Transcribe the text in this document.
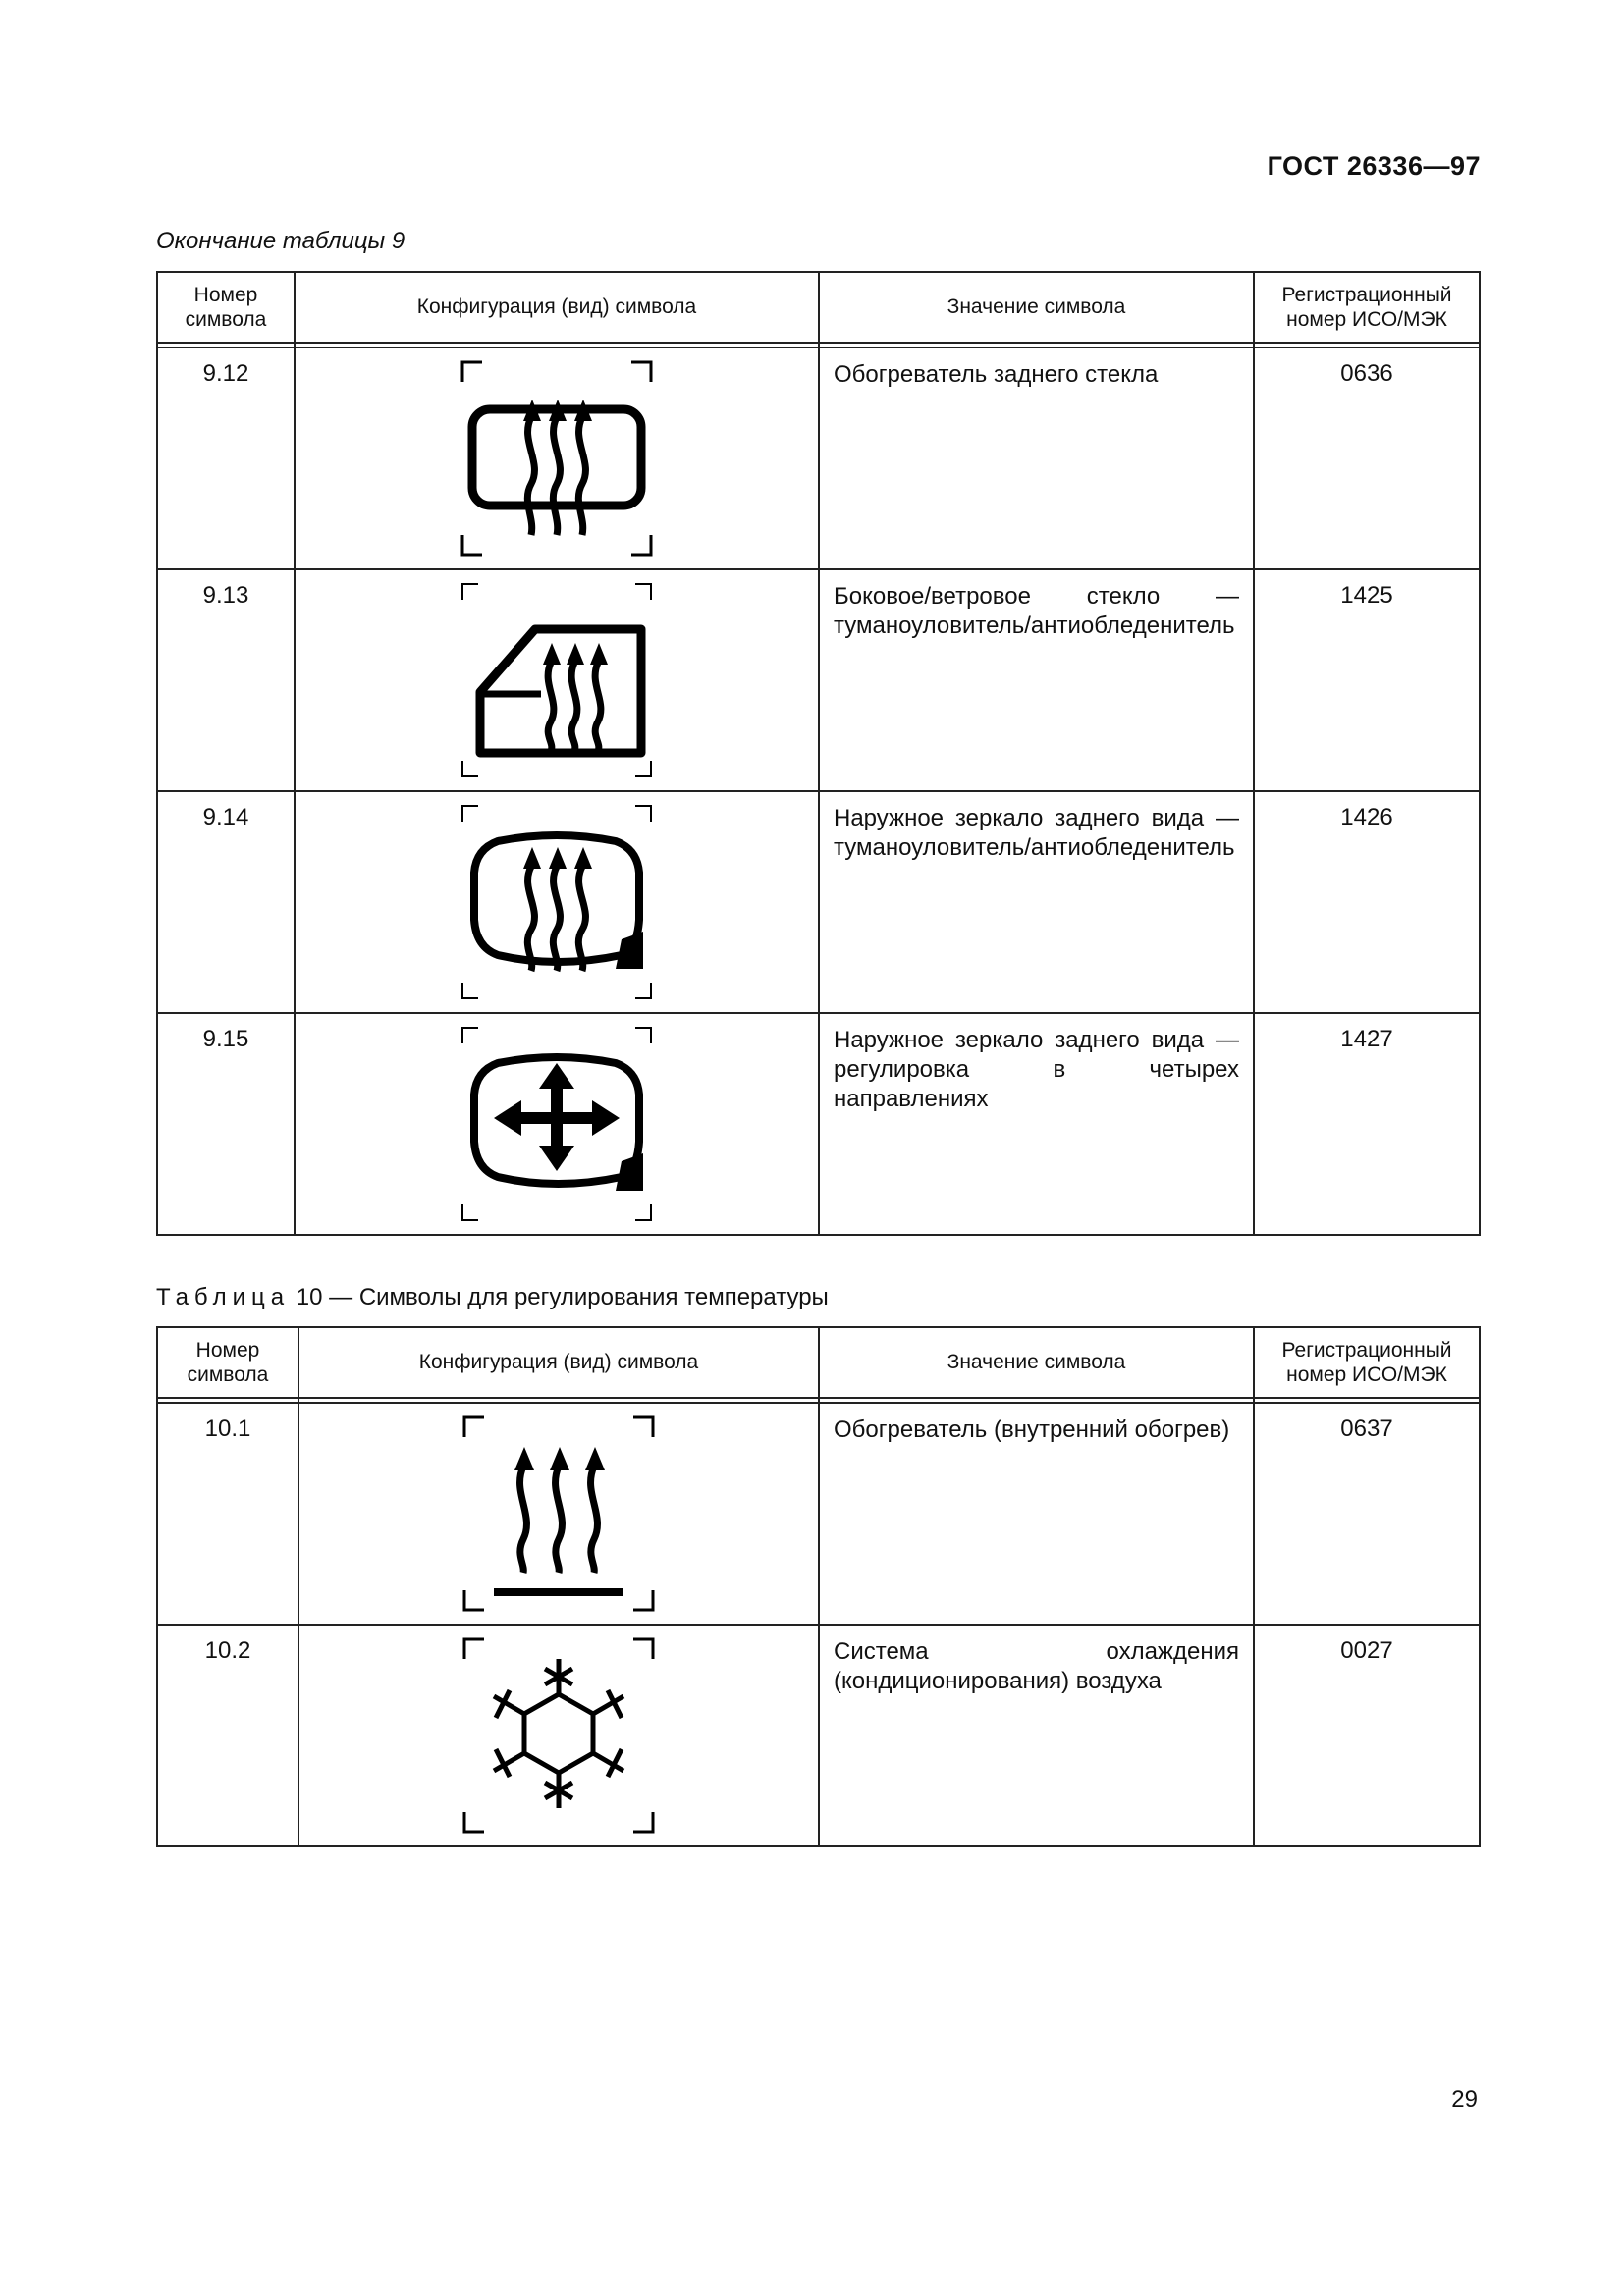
ГОСТ 26336—97
Окончание таблицы 9
Номер символа	Конфигурация (вид) символа	Значение символа	Регистрационный номер ИСО/МЭК

9.12		Обогреватель заднего стекла	0636
9.13		Боковое/ветровое стекло — туманоуловитель/антиобледенитель	1425
9.14		Наружное зеркало заднего вида — туманоуловитель/антиобледенитель	1426
9.15		Наружное зеркало заднего вида — регулировка в четырех направлениях	1427
Таблица 10 — Символы для регулирования температуры
Номер символа	Конфигурация (вид) символа	Значение символа	Регистрационный номер ИСО/МЭК

10.1		Обогреватель (внутренний обогрев)	0637
10.2		Система охлаждения (кондиционирования) воздуха	0027
29
